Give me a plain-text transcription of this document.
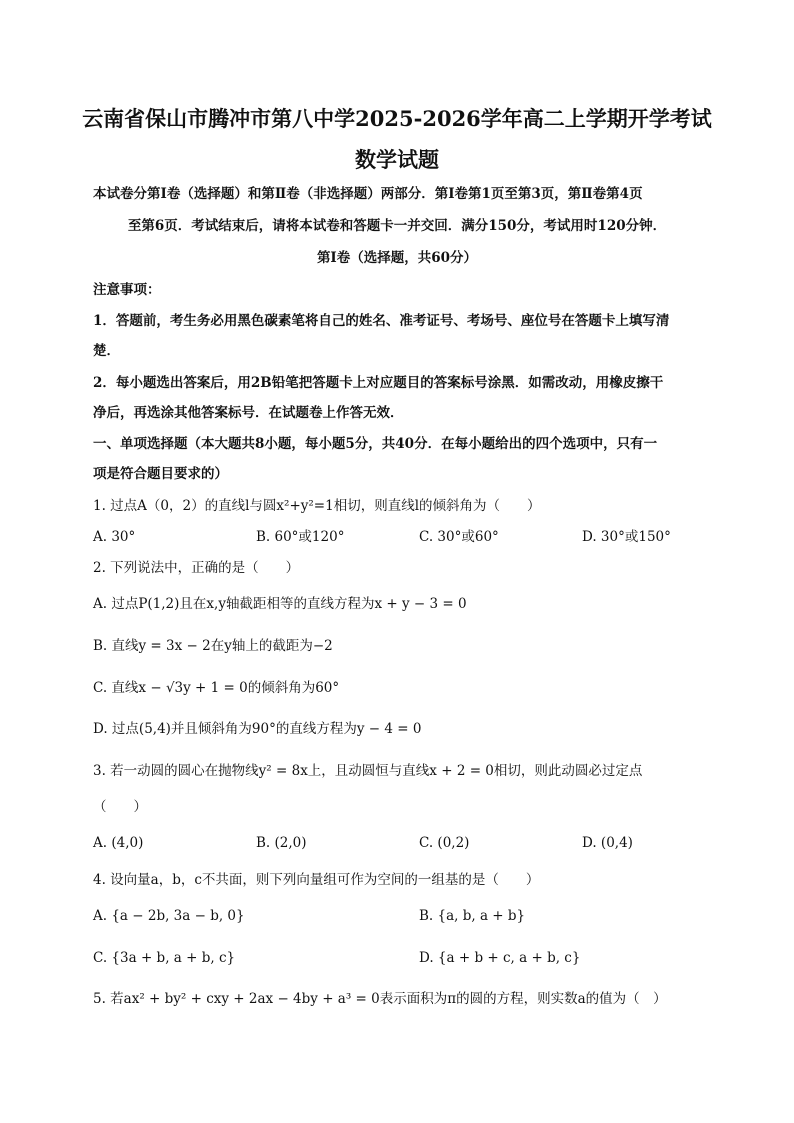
云南省保山市腾冲市第八中学2025-2026学年高二上学期开学考试
数学试题
本试卷分第Ⅰ卷（选择题）和第Ⅱ卷（非选择题）两部分．第Ⅰ卷第1页至第3页，第Ⅱ卷第4页
至第6页．考试结束后，请将本试卷和答题卡一并交回．满分150分，考试用时120分钟．
第Ⅰ卷（选择题，共60分）
注意事项：
1．答题前，考生务必用黑色碳素笔将自己的姓名、准考证号、考场号、座位号在答题卡上填写清
楚．
2．每小题选出答案后，用2B铅笔把答题卡上对应题目的答案标号涂黑．如需改动，用橡皮擦干
净后，再选涂其他答案标号．在试题卷上作答无效．
一、单项选择题（本大题共8小题，每小题5分，共40分．在每小题给出的四个选项中，只有一
项是符合题目要求的）
1. 过点A（0，2）的直线l与圆x²+y²=1相切，则直线l的倾斜角为（　　）
A. 30°	B. 60°或120°	C. 30°或60°	D. 30°或150°
2. 下列说法中，正确的是（　　）
A. 过点P(1,2)且在x,y轴截距相等的直线方程为x + y − 3 = 0
B. 直线y = 3x − 2在y轴上的截距为−2
C. 直线x − √3y + 1 = 0的倾斜角为60°
D. 过点(5,4)并且倾斜角为90°的直线方程为y − 4 = 0
3. 若一动圆的圆心在抛物线y² = 8x上，且动圆恒与直线x + 2 = 0相切，则此动圆必过定点
（　　）
A. (4,0)	B. (2,0)	C. (0,2)	D. (0,4)
4. 设向量a，b，c不共面，则下列向量组可作为空间的一组基的是（　　）
A. {a − 2b, 3a − b, 0}	B. {a, b, a + b}
C. {3a + b, a + b, c}	D. {a + b + c, a + b, c}
5. 若ax² + by² + cxy + 2ax − 4by + a³ = 0表示面积为π的圆的方程，则实数a的值为（　）
